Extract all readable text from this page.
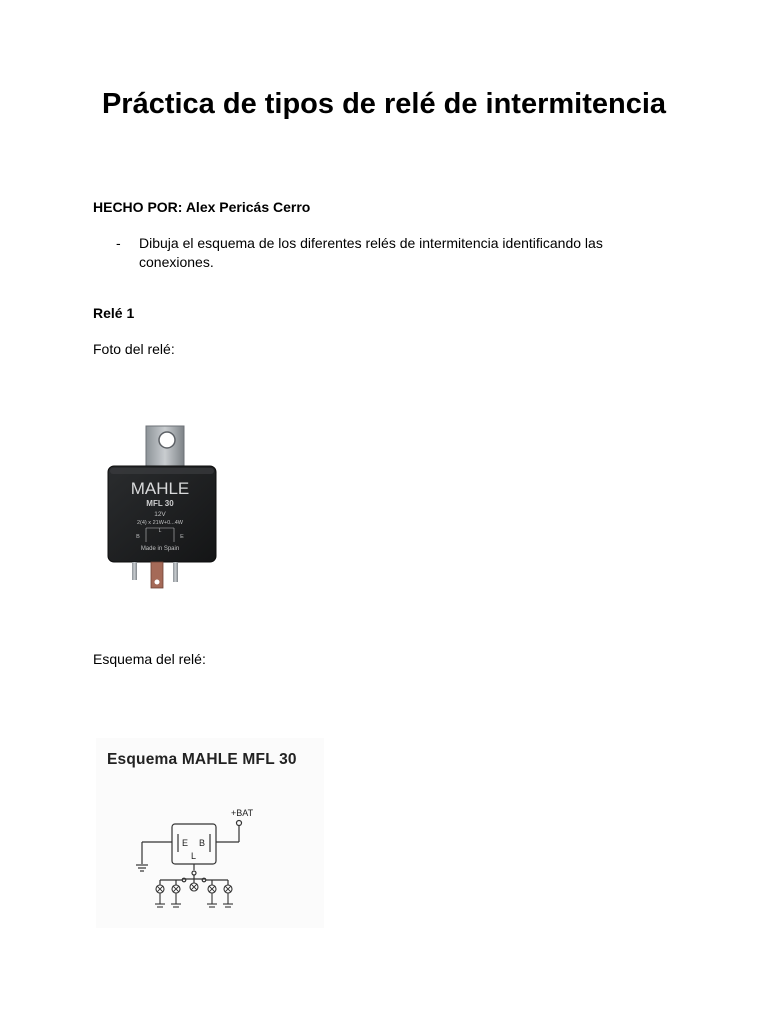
Práctica de tipos de relé de intermitencia
HECHO POR: Alex Pericás Cerro
- Dibuja el esquema de los diferentes relés de intermitencia identificando las conexiones.
Relé 1
Foto del relé:
MAHLE
MFL 30
12V
2(4) x 21W+0...4W
L
B	E
Made in Spain
Esquema del relé:
Esquema MAHLE MFL 30
+BAT
E B
L
